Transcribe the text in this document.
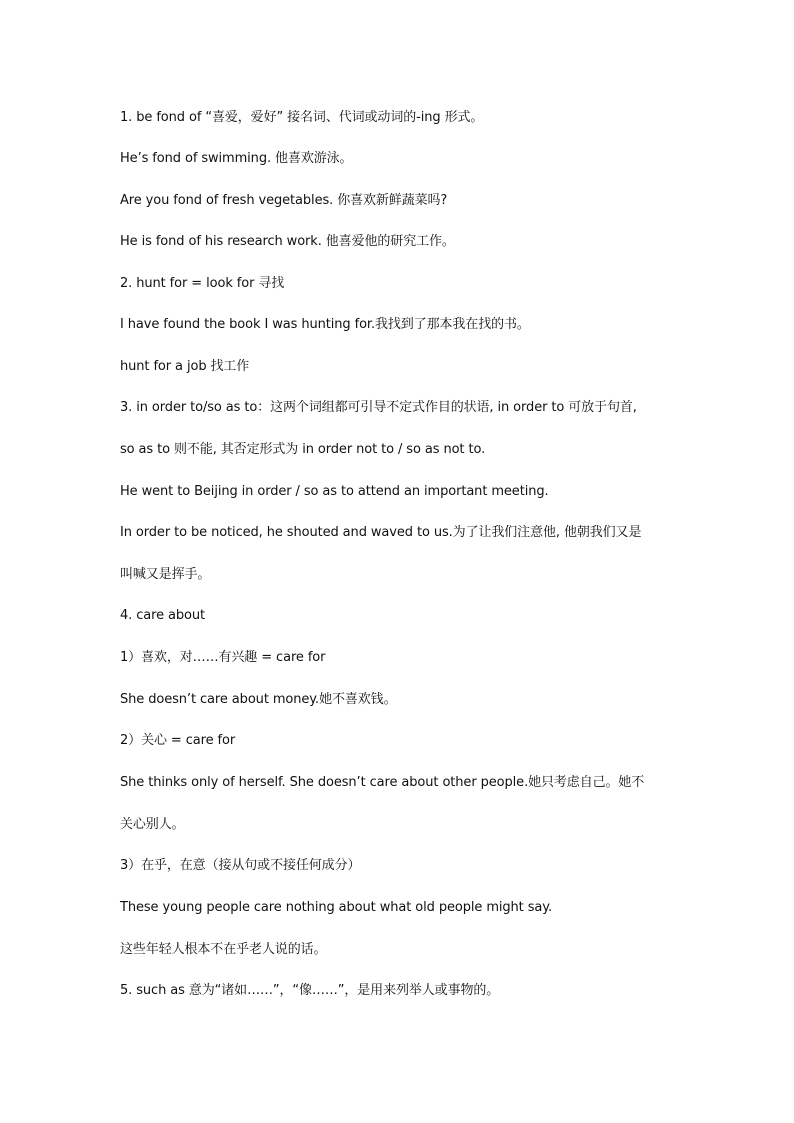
1. be fond of “喜爱，爱好” 接名词、代词或动词的-ing 形式。
He’s fond of swimming. 他喜欢游泳。
Are you fond of fresh vegetables. 你喜欢新鲜蔬菜吗?
He is fond of his research work. 他喜爱他的研究工作。
2. hunt for = look for 寻找
I have found the book I was hunting for.我找到了那本我在找的书。
hunt for a job 找工作
3. in order to/so as to：这两个词组都可引导不定式作目的状语, in order to 可放于句首,
so as to 则不能, 其否定形式为 in order not to / so as not to.
He went to Beijing in order / so as to attend an important meeting.
In order to be noticed, he shouted and waved to us.为了让我们注意他, 他朝我们又是
叫喊又是挥手。
4. care about
1）喜欢，对……有兴趣 = care for
She doesn’t care about money.她不喜欢钱。
2）关心 = care for
She thinks only of herself. She doesn’t care about other people.她只考虑自己。她不
关心别人。
3）在乎，在意（接从句或不接任何成分）
These young people care nothing about what old people might say.
这些年轻人根本不在乎老人说的话。
5. such as 意为“诸如……”，“像……”，是用来列举人或事物的。
